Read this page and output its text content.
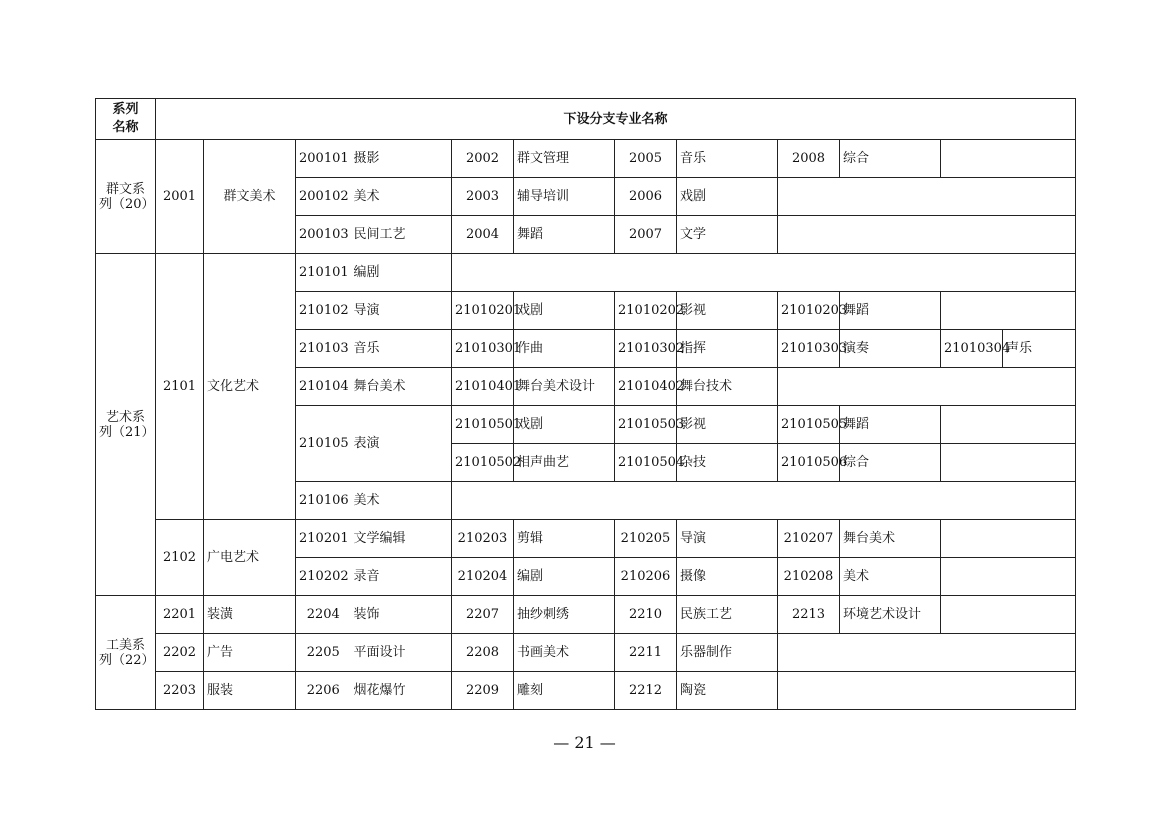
系列
名称	下设分支专业名称											
群文系
列（20）	2001	群文美术	200101	摄影	2002	群文管理	2005	音乐	2008	综合		
			200102	美术	2003	辅导培训	2006	戏剧				
			200103	民间工艺	2004	舞蹈	2007	文学				
艺术系
列（21）	2101	文化艺术	210101	编剧								
			210102	导演	21010201	戏剧	21010202	影视	21010203	舞蹈		
			210103	音乐	21010301	作曲	21010302	指挥	21010303	演奏	21010304	声乐
			210104	舞台美术	21010401	舞台美术设计	21010402	舞台技术				
			210105	表演	21010501	戏剧	21010503	影视	21010505	舞蹈		
					21010502	相声曲艺	21010504	杂技	21010506	综合		
			210106	美术								
	2102	广电艺术	210201	文学编辑	210203	剪辑	210205	导演	210207	舞台美术		
			210202	录音	210204	编剧	210206	摄像	210208	美术		
工美系
列（22）	2201	装潢	2204	装饰	2207	抽纱刺绣	2210	民族工艺	2213	环境艺术设计		
	2202	广告	2205	平面设计	2208	书画美术	2211	乐器制作				
	2203	服装	2206	烟花爆竹	2209	雕刻	2212	陶瓷				
— 21 —
